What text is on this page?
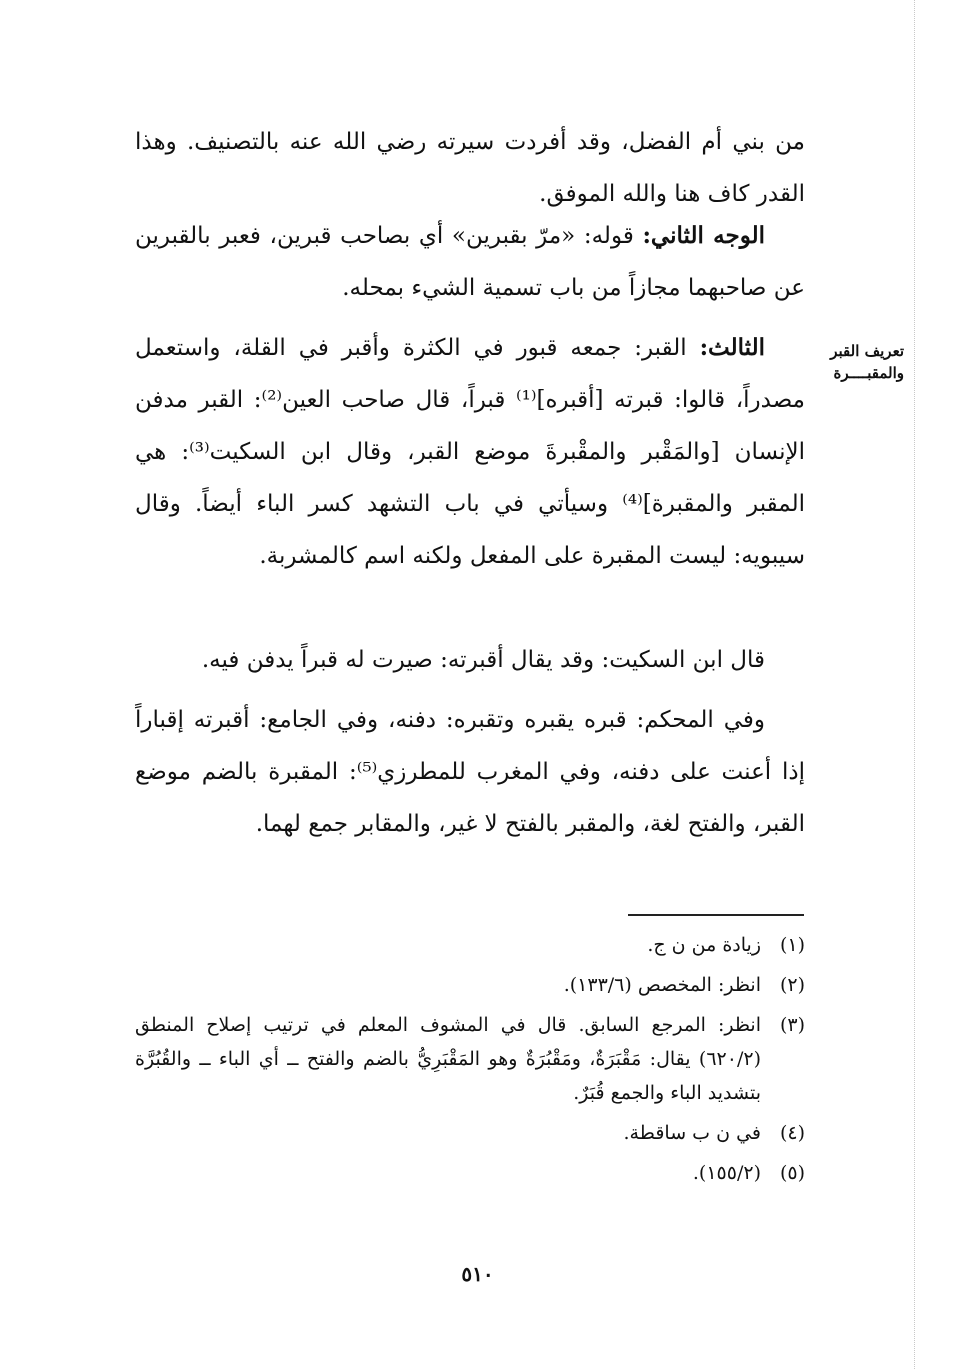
من بني أم الفضل، وقد أفردت سيرته رضي الله عنه بالتصنيف. وهذا القدر كاف هنا والله الموفق.

الوجه الثاني: قوله: «مرّ بقبرين» أي بصاحب قبرين، فعبر بالقبرين عن صاحبهما مجازاً من باب تسمية الشيء بمحله.

تعريف القبر والمقبــــرة

الثالث: القبر: جمعه قبور في الكثرة وأقبر في القلة، واستعمل مصدراً، قالوا: قبرته [أقبره]⁽¹⁾ قبراً، قال صاحب العين⁽²⁾: القبر مدفن الإنسان [والمَقْبر والمقْبرةَ موضع القبر، وقال ابن السكيت⁽³⁾: هي المقبر والمقبرة]⁽⁴⁾ وسيأتي في باب التشهد كسر الباء أيضاً. وقال سيبويه: ليست المقبرة على المفعل ولكنه اسم كالمشربة.

قال ابن السكيت: وقد يقال أقبرته: صيرت له قبراً يدفن فيه.

وفي المحكم: قبره يقبره وتقبره: دفنه، وفي الجامع: أقبرته إقباراً إذا أعنت على دفنه، وفي المغرب للمطرزي⁽⁵⁾: المقبرة بالضم موضع القبر، والفتح لغة، والمقبر بالفتح لا غير، والمقابر جمع لهما.

(١)
زيادة من ن ج.
(٢)
انظر: المخصص (١٣٣/٦).
(٣)
انظر: المرجع السابق. قال في المشوف المعلم في ترتيب إصلاح المنطق (٦٢٠/٢) يقال: مَقْبَرَةٌ، ومَقْبُرَةٌ وهو المَقْبَرِيُّ بالضم والفتح ــ أي الباء ــ والقُبُرَّة بتشديد الباء والجمع قُبَرٌ.
(٤)
في ن ب ساقطة.
(٥)
(١٥٥/٢).
٥١٠
